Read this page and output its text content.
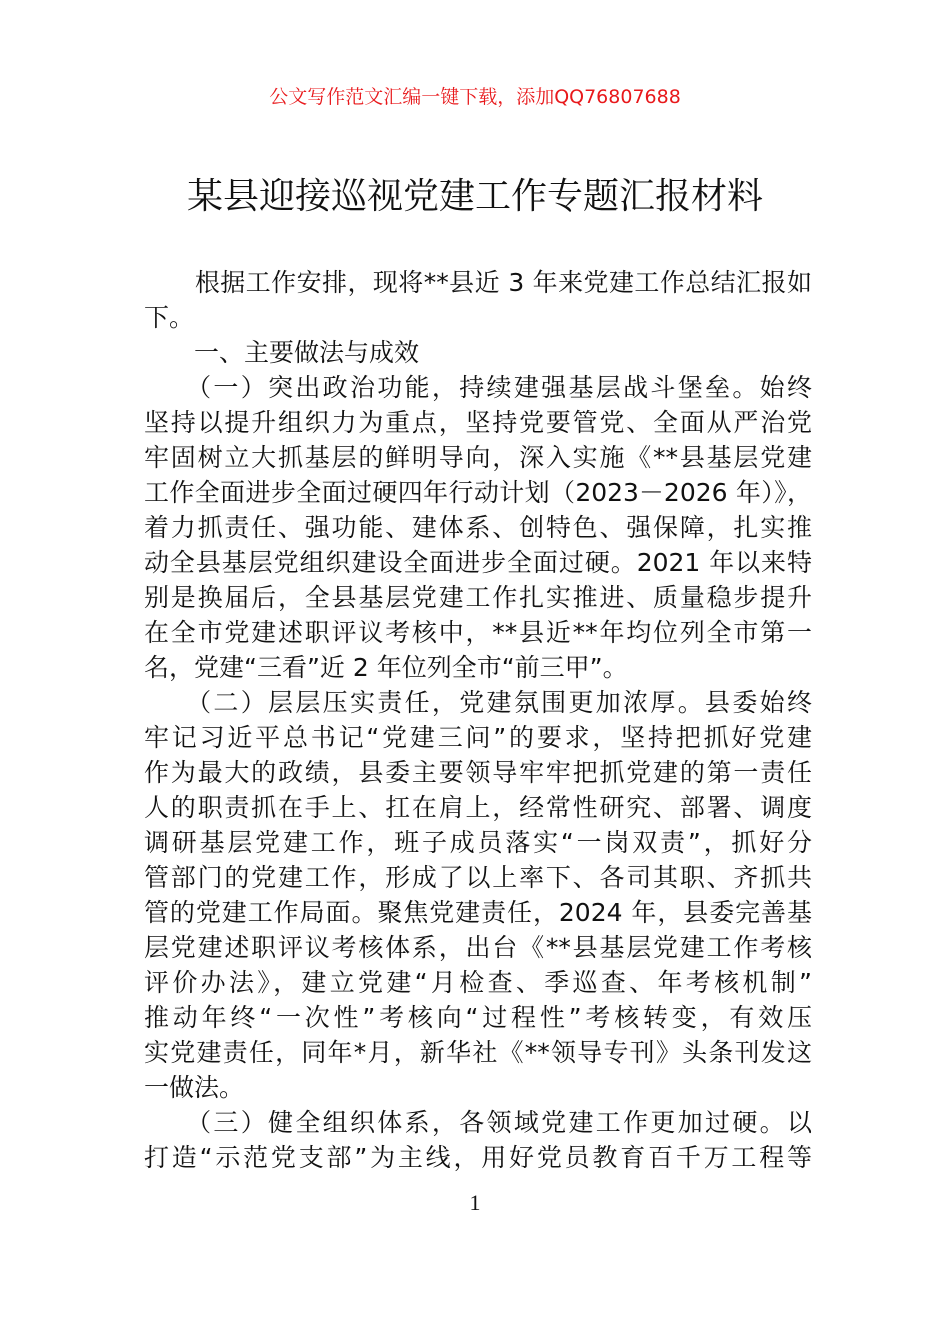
公文写作范文汇编一键下载，添加QQ76807688
某县迎接巡视党建工作专题汇报材料
　　根据工作安排，现将**县近 3 年来党建工作总结汇报如
下。
　　一、主要做法与成效
　　（一）突出政治功能，持续建强基层战斗堡垒。始终
坚持以提升组织力为重点，坚持党要管党、全面从严治党
牢固树立大抓基层的鲜明导向，深入实施《**县基层党建
工作全面进步全面过硬四年行动计划（2023－2026 年）》，
着力抓责任、强功能、建体系、创特色、强保障，扎实推
动全县基层党组织建设全面进步全面过硬。2021 年以来特
别是换届后，全县基层党建工作扎实推进、质量稳步提升
在全市党建述职评议考核中，**县近**年均位列全市第一
名，党建“三看”近 2 年位列全市“前三甲”。
　　（二）层层压实责任，党建氛围更加浓厚。县委始终
牢记习近平总书记“党建三问”的要求，坚持把抓好党建
作为最大的政绩，县委主要领导牢牢把抓党建的第一责任
人的职责抓在手上、扛在肩上，经常性研究、部署、调度
调研基层党建工作，班子成员落实“一岗双责”，抓好分
管部门的党建工作，形成了以上率下、各司其职、齐抓共
管的党建工作局面。聚焦党建责任，2024 年，县委完善基
层党建述职评议考核体系，出台《**县基层党建工作考核
评价办法》，建立党建“月检查、季巡查、年考核机制”
推动年终“一次性”考核向“过程性”考核转变，有效压
实党建责任，同年*月，新华社《**领导专刊》头条刊发这
一做法。
　　（三）健全组织体系，各领域党建工作更加过硬。以
打造“示范党支部”为主线，用好党员教育百千万工程等
1
